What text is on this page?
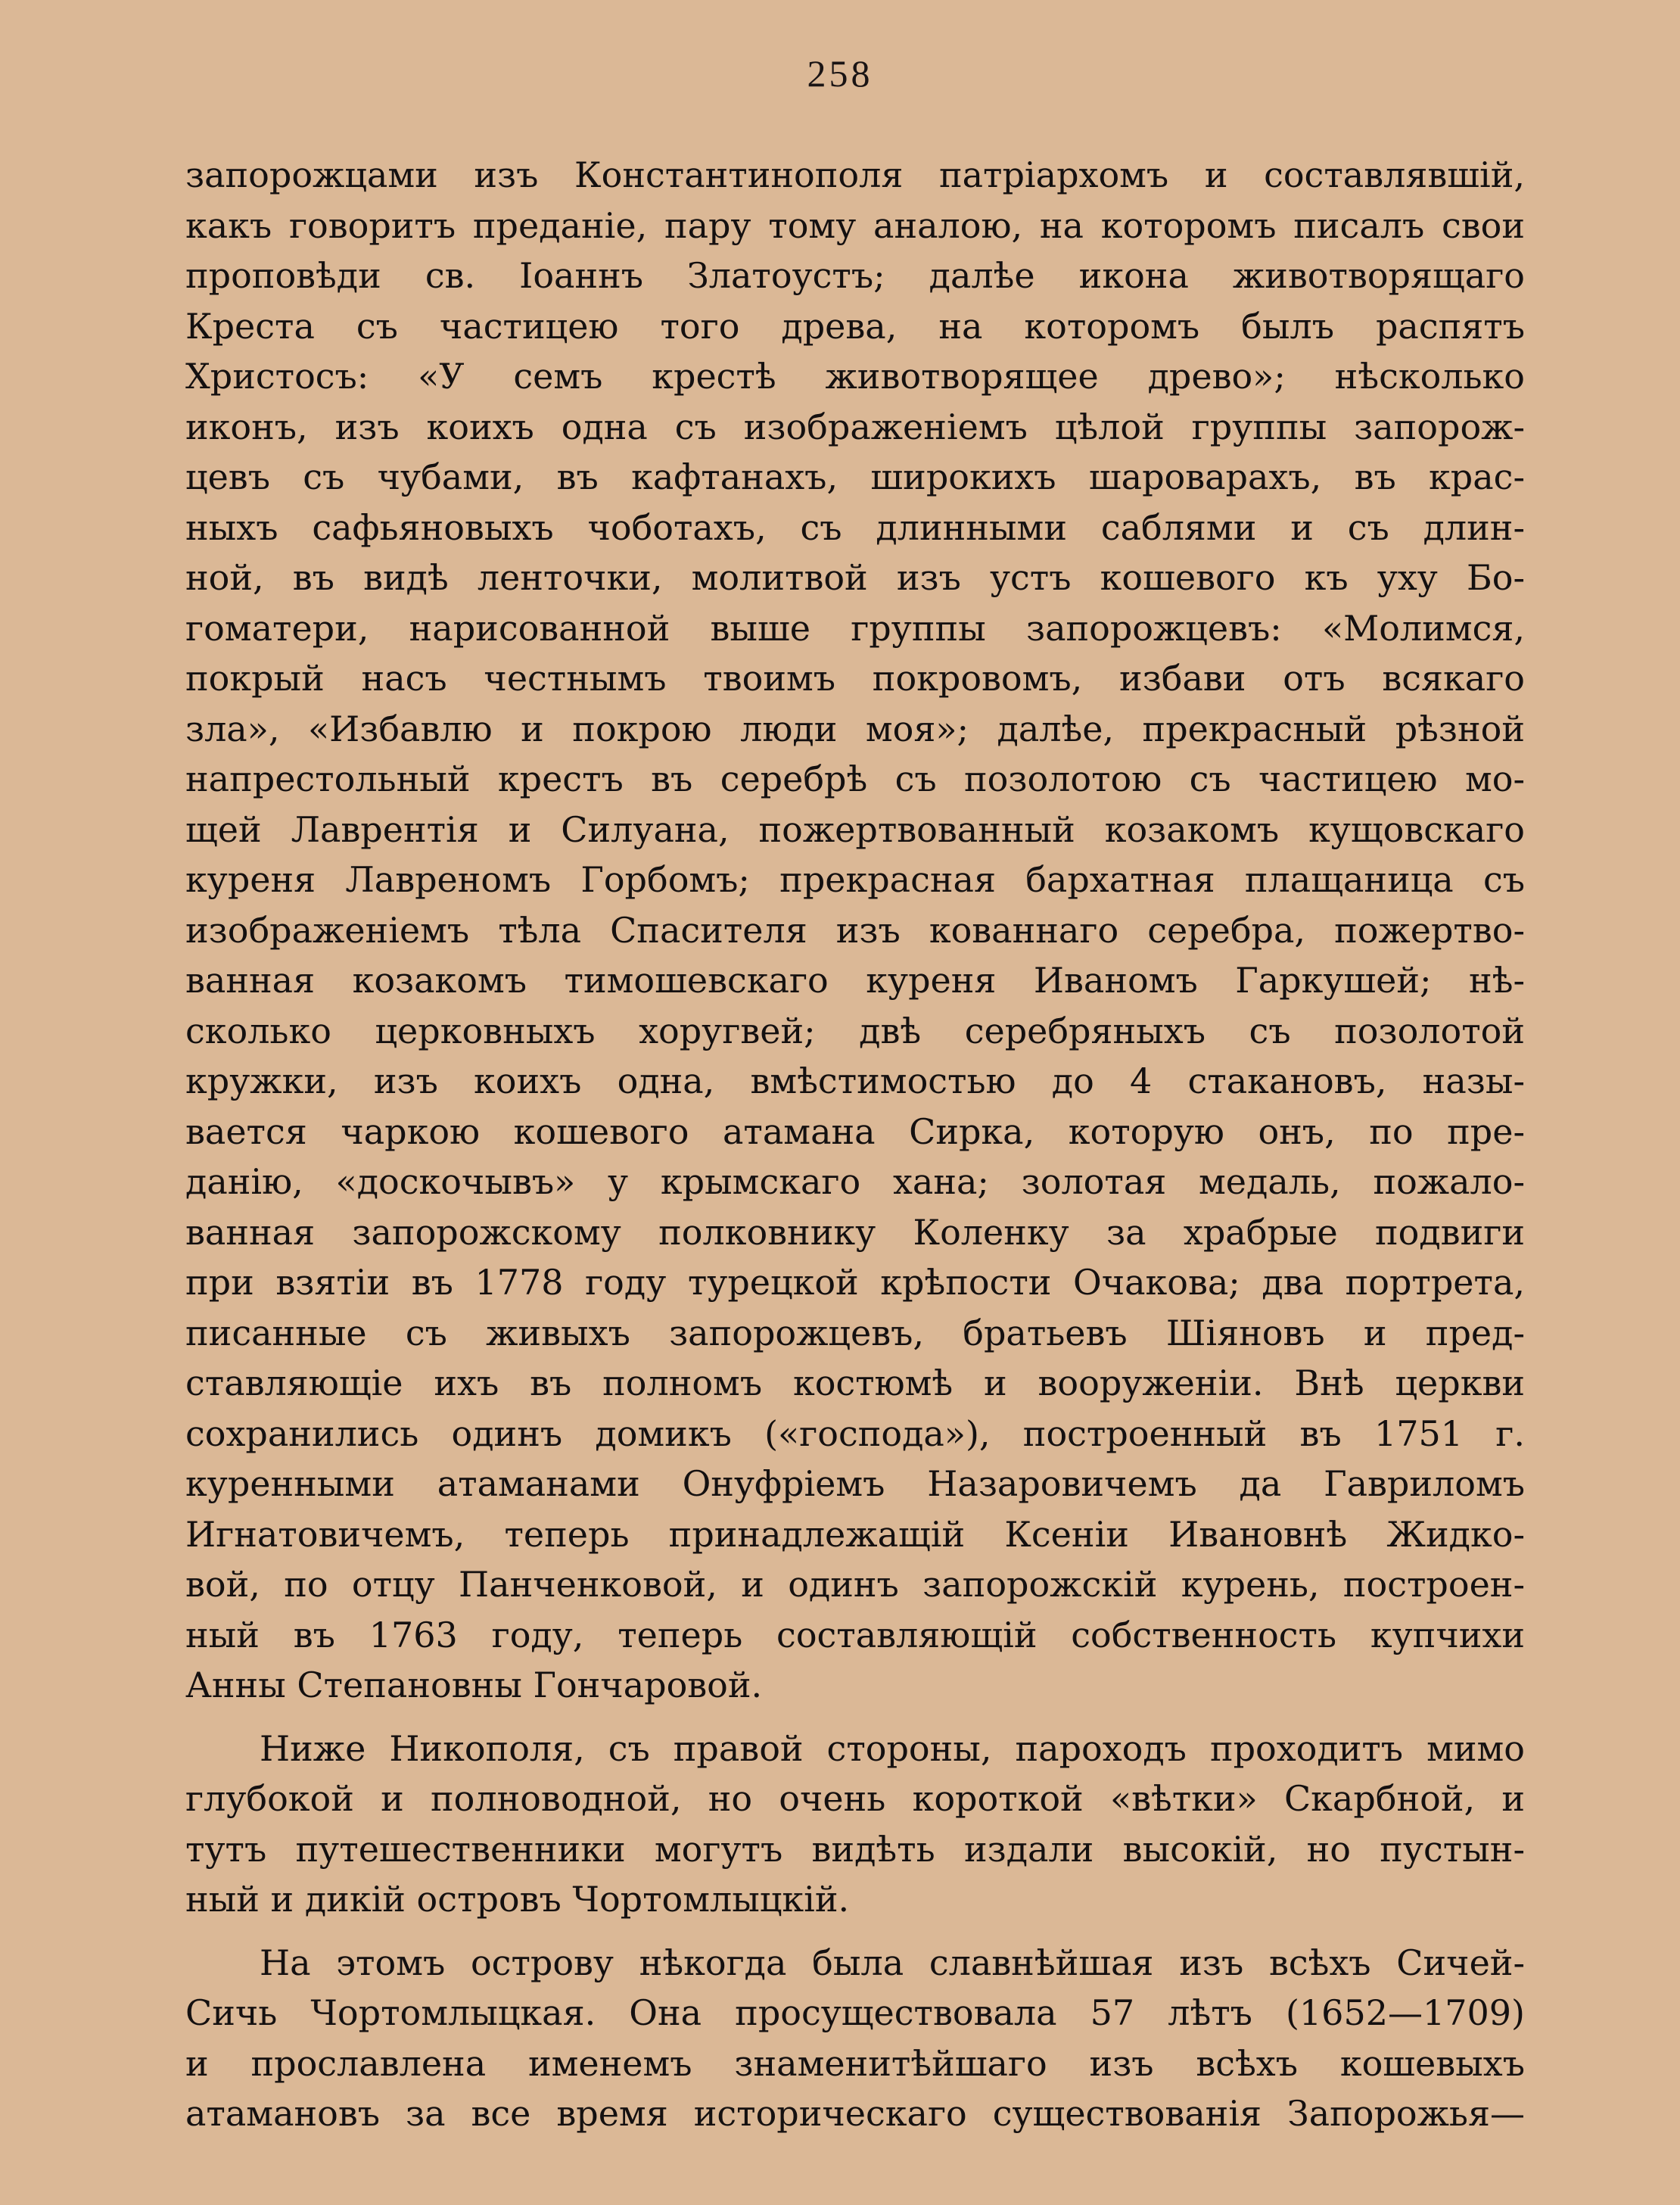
258
запорожцами изъ Константинополя патріархомъ и составлявшій,
какъ говоритъ преданіе, пару тому аналою, на которомъ писалъ свои
проповѣди св. Іоаннъ Златоустъ; далѣе икона животворящаго
Креста съ частицею того древа, на которомъ былъ распятъ
Христосъ: «У семъ крестѣ животворящее древо»; нѣсколько
иконъ, изъ коихъ одна съ изображеніемъ цѣлой группы запорож-
цевъ съ чубами, въ кафтанахъ, широкихъ шароварахъ, въ крас-
ныхъ сафьяновыхъ чоботахъ, съ длинными саблями и съ длин-
ной, въ видѣ ленточки, молитвой изъ устъ кошевого къ уху Бо-
гоматери, нарисованной выше группы запорожцевъ: «Молимся,
покрый насъ честнымъ твоимъ покровомъ, избави отъ всякаго
зла», «Избавлю и покрою люди моя»; далѣе, прекрасный рѣзной
напрестольный крестъ въ серебрѣ съ позолотою съ частицею мо-
щей Лаврентія и Силуана, пожертвованный козакомъ кущовскаго
куреня Лавреномъ Горбомъ; прекрасная бархатная плащаница съ
изображеніемъ тѣла Спасителя изъ кованнаго серебра, пожертво-
ванная козакомъ тимошевскаго куреня Иваномъ Гаркушей; нѣ-
сколько церковныхъ хоругвей; двѣ серебряныхъ съ позолотой
кружки, изъ коихъ одна, вмѣстимостью до 4 стакановъ, назы-
вается чаркою кошевого атамана Сирка, которую онъ, по пре-
данію, «доскочывъ» у крымскаго хана; золотая медаль, пожало-
ванная запорожскому полковнику Коленку за храбрые подвиги
при взятіи въ 1778 году турецкой крѣпости Очакова; два портрета,
писанные съ живыхъ запорожцевъ, братьевъ Шіяновъ и пред-
ставляющіе ихъ въ полномъ костюмѣ и вооруженіи. Внѣ церкви
сохранились одинъ домикъ («господа»), построенный въ 1751 г.
куренными атаманами Онуфріемъ Назаровичемъ да Гавриломъ
Игнатовичемъ, теперь принадлежащій Ксеніи Ивановнѣ Жидко-
вой, по отцу Панченковой, и одинъ запорожскій курень, построен-
ный въ 1763 году, теперь составляющій собственность купчихи
Анны Степановны Гончаровой.
Ниже Никополя, съ правой стороны, пароходъ проходитъ мимо
глубокой и полноводной, но очень короткой «вѣтки» Скарбной, и
тутъ путешественники могутъ видѣть издали высокій, но пустын-
ный и дикій островъ Чортомлыцкій.
На этомъ острову нѣкогда была славнѣйшая изъ всѣхъ Сичей-
Сичь Чортомлыцкая. Она просуществовала 57 лѣтъ (1652—1709)
и прославлена именемъ знаменитѣйшаго изъ всѣхъ кошевыхъ
атамановъ за все время историческаго существованія Запорожья—
